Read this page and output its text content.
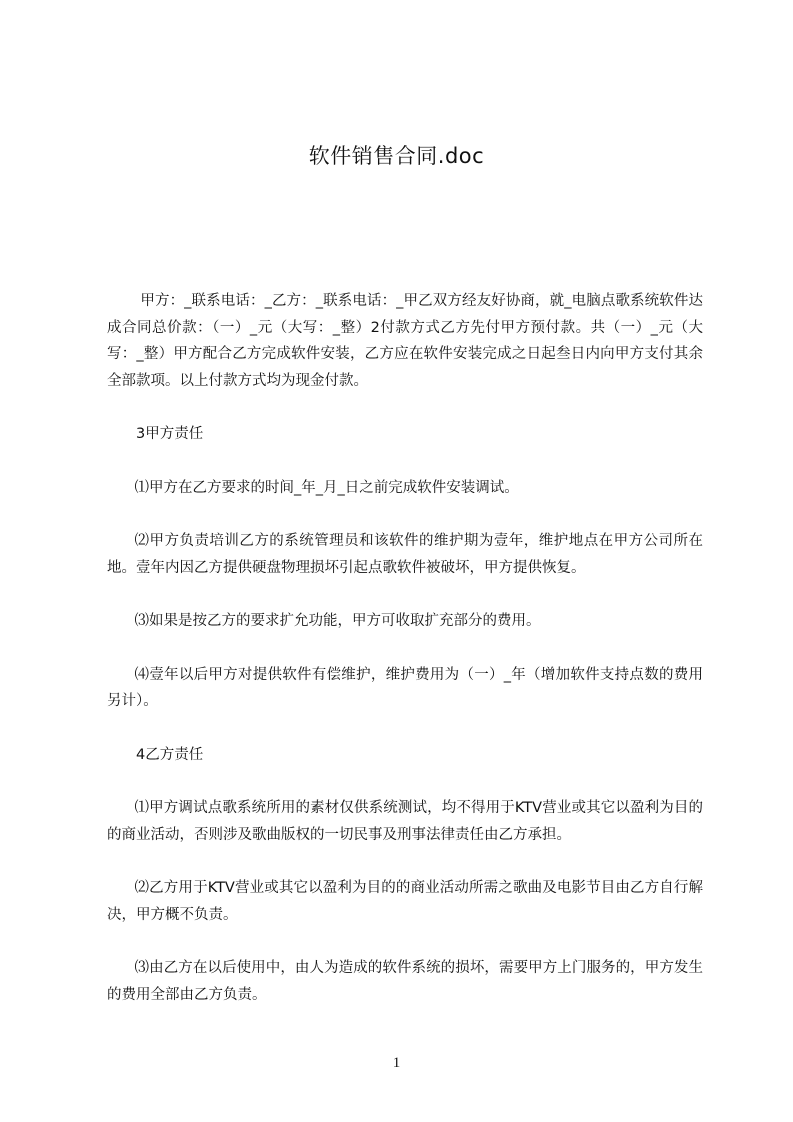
软件销售合同.doc

甲方：_联系电话：_乙方：_联系电话：_甲乙双方经友好协商，就_电脑点歌系统软件达成合同总价款：（一）_元（大写：_整）2付款方式乙方先付甲方预付款。共（一）_元（大写：_整）甲方配合乙方完成软件安装，乙方应在软件安装完成之日起叁日内向甲方支付其余全部款项。以上付款方式均为现金付款。

3甲方责任

⑴甲方在乙方要求的时间_年_月_日之前完成软件安装调试。

⑵甲方负责培训乙方的系统管理员和该软件的维护期为壹年，维护地点在甲方公司所在地。壹年内因乙方提供硬盘物理损坏引起点歌软件被破坏，甲方提供恢复。

⑶如果是按乙方的要求扩允功能，甲方可收取扩充部分的费用。

⑷壹年以后甲方对提供软件有偿维护，维护费用为（一）_年（增加软件支持点数的费用另计）。

4乙方责任

⑴甲方调试点歌系统所用的素材仅供系统测试，均不得用于KTV营业或其它以盈利为目的的商业活动，否则涉及歌曲版权的一切民事及刑事法律责任由乙方承担。

⑵乙方用于KTV营业或其它以盈利为目的的商业活动所需之歌曲及电影节目由乙方自行解决，甲方概不负责。

⑶由乙方在以后使用中，由人为造成的软件系统的损坏，需要甲方上门服务的，甲方发生的费用全部由乙方负责。

1
